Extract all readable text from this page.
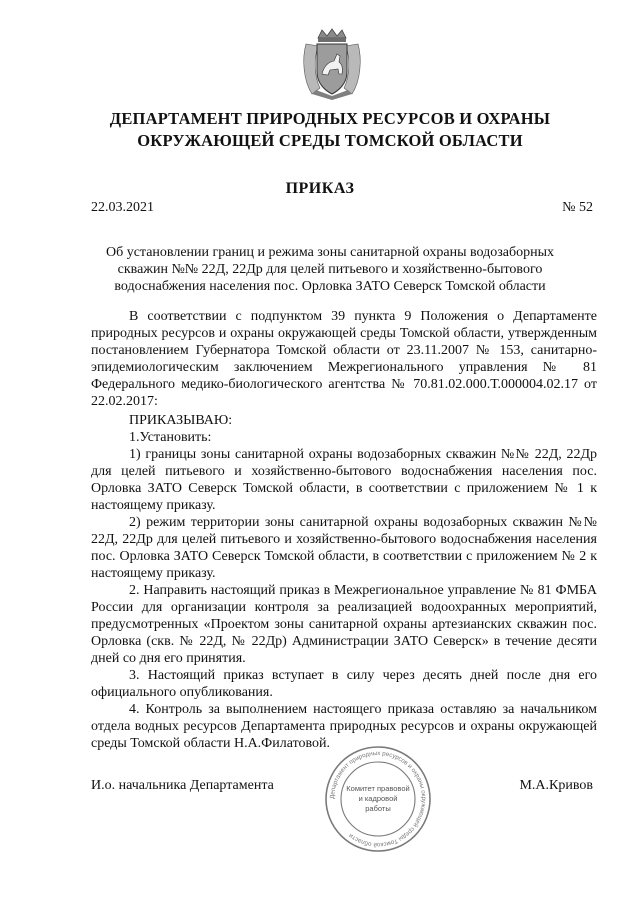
ДЕПАРТАМЕНТ ПРИРОДНЫХ РЕСУРСОВ И ОХРАНЫ
ОКРУЖАЮЩЕЙ СРЕДЫ ТОМСКОЙ ОБЛАСТИ
ПРИКАЗ
22.03.2021	№ 52
Об установлении границ и режима зоны санитарной охраны водозаборных скважин №№ 22Д, 22Др для целей питьевого и хозяйственно-бытового водоснабжения населения пос. Орловка ЗАТО Северск Томской области

В соответствии с подпунктом 39 пункта 9 Положения о Департаменте природных ресурсов и охраны окружающей среды Томской области, утвержденным постановлением Губернатора Томской области от 23.11.2007 № 153, санитарно-эпидемиологическим заключением Межрегионального управления № 81 Федерального медико-биологического агентства № 70.81.02.000.Т.000004.02.17 от 22.02.2017:

ПРИКАЗЫВАЮ:

1.Установить:

1) границы зоны санитарной охраны водозаборных скважин №№ 22Д, 22Др для целей питьевого и хозяйственно-бытового водоснабжения населения пос. Орловка ЗАТО Северск Томской области, в соответствии с приложением № 1 к настоящему приказу.

2) режим территории зоны санитарной охраны водозаборных скважин №№ 22Д, 22Др для целей питьевого и хозяйственно-бытового водоснабжения населения пос. Орловка ЗАТО Северск Томской области, в соответствии с приложением № 2 к настоящему приказу.

2. Направить настоящий приказ в Межрегиональное управление № 81 ФМБА России для организации контроля за реализацией водоохранных мероприятий, предусмотренных «Проектом зоны санитарной охраны артезианских скважин пос. Орловка (скв. № 22Д, № 22Др) Администрации ЗАТО Северск» в течение десяти дней со дня его принятия.

3. Настоящий приказ вступает в силу через десять дней после дня его официального опубликования.

4. Контроль за выполнением настоящего приказа оставляю за начальником отдела водных ресурсов Департамента природных ресурсов и охраны окружающей среды Томской области Н.А.Филатовой.

И.о. начальника Департамента	М.А.Кривов
Департамент природных ресурсов и охраны окружающей среды Томской области
Комитет правовой
и кадровой
работы
